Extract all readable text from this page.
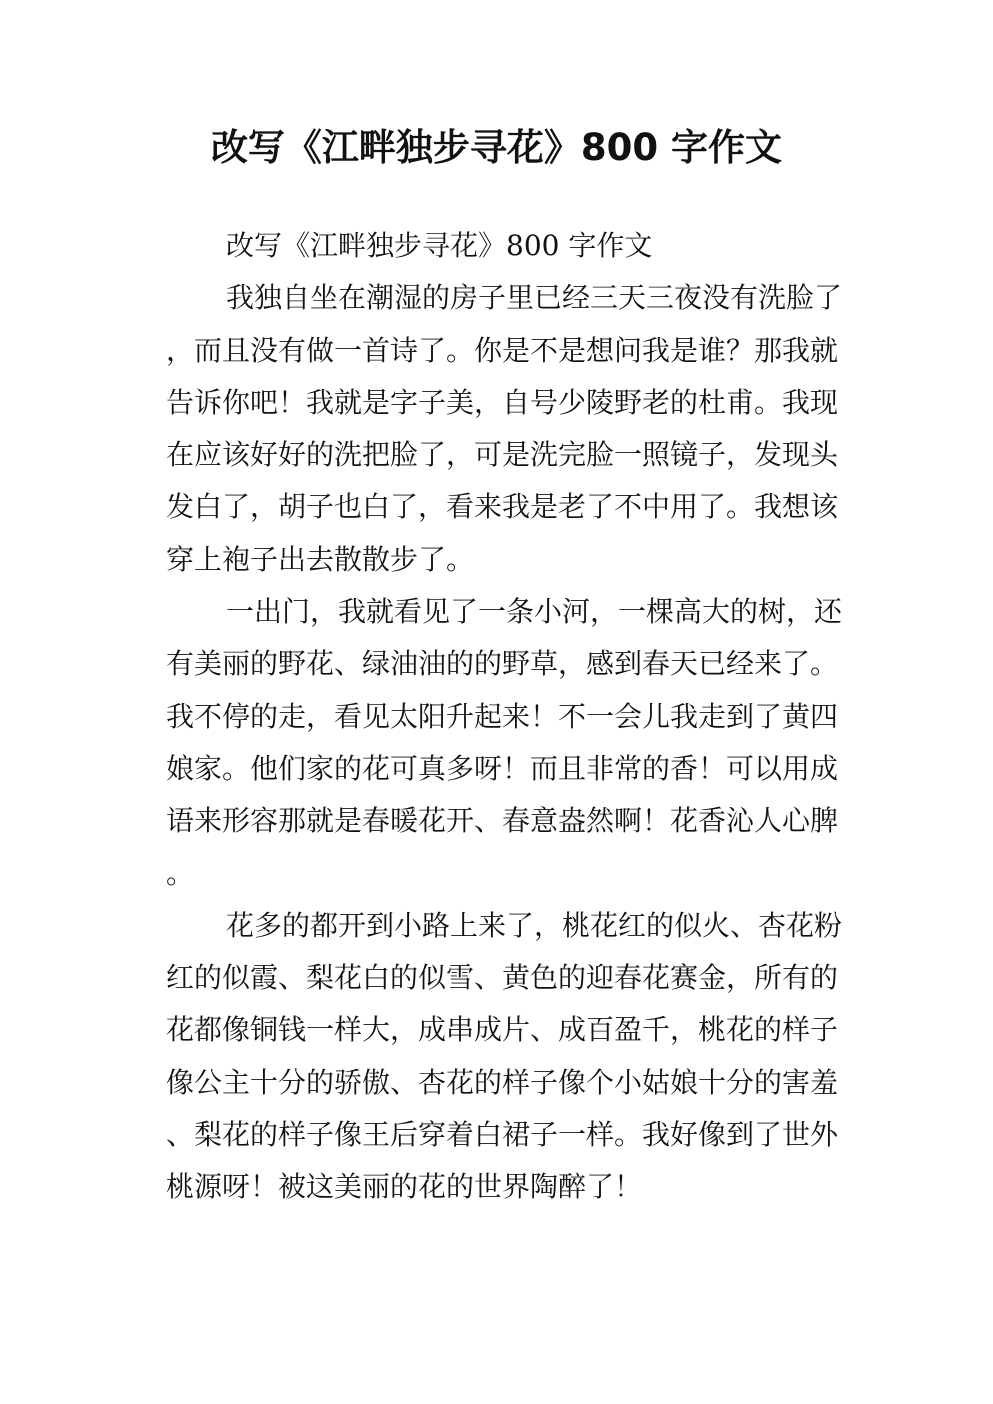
改写《江畔独步寻花》800 字作文

改写《江畔独步寻花》800 字作文

我独自坐在潮湿的房子里已经三天三夜没有洗脸了，而且没有做一首诗了。你是不是想问我是谁？那我就告诉你吧！我就是字子美，自号少陵野老的杜甫。我现在应该好好的洗把脸了，可是洗完脸一照镜子，发现头发白了，胡子也白了，看来我是老了不中用了。我想该穿上袍子出去散散步了。

一出门，我就看见了一条小河，一棵高大的树，还有美丽的野花、绿油油的的野草，感到春天已经来了。我不停的走，看见太阳升起来！不一会儿我走到了黄四娘家。他们家的花可真多呀！而且非常的香！可以用成语来形容那就是春暖花开、春意盎然啊！花香沁人心脾。

花多的都开到小路上来了，桃花红的似火、杏花粉红的似霞、梨花白的似雪、黄色的迎春花赛金，所有的花都像铜钱一样大，成串成片、成百盈千，桃花的样子像公主十分的骄傲、杏花的样子像个小姑娘十分的害羞、梨花的样子像王后穿着白裙子一样。我好像到了世外桃源呀！被这美丽的花的世界陶醉了！
